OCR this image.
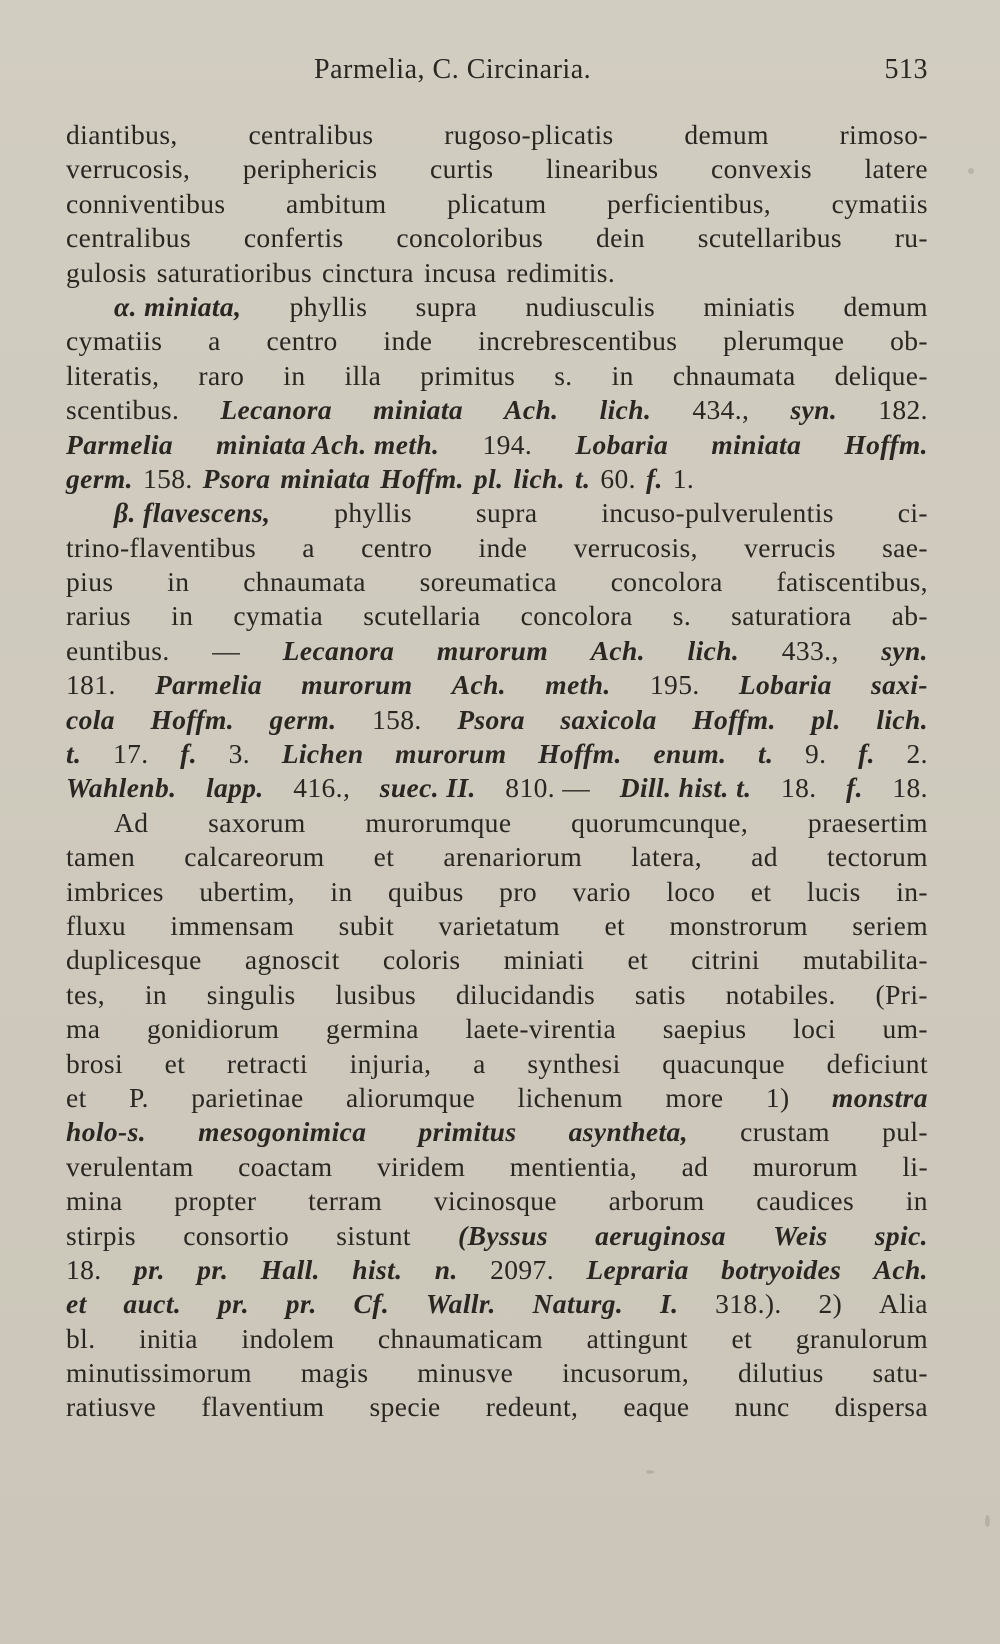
Parmelia, C. Circinaria.	513
diantibus,	centralibus	rugoso-plicatis	demum	rimoso-
verrucosis, periphericis curtis linearibus convexis latere
conniventibus ambitum plicatum perficientibus, cymatiis
centralibus confertis concoloribus dein scutellaribus ru-
gulosis saturatioribus cinctura incusa redimitis.
α. miniata, phyllis supra nudiusculis miniatis demum
cymatiis a centro inde increbrescentibus plerumque ob-
literatis, raro in illa primitus s. in chnaumata delique-
scentibus. Lecanora miniata Ach. lich. 434., syn. 182.
Parmelia miniata Ach. meth. 194. Lobaria miniata Hoffm.
germ. 158. Psora miniata Hoffm. pl. lich. t. 60. f. 1.
β. flavescens, phyllis supra incuso-pulverulentis ci-
trino-flaventibus a centro inde verrucosis, verrucis sae-
pius in chnaumata soreumatica concolora fatiscentibus,
rarius in cymatia scutellaria concolora s. saturatiora ab-
euntibus. — Lecanora murorum Ach. lich. 433., syn.
181. Parmelia murorum Ach. meth. 195. Lobaria saxi-
cola Hoffm. germ. 158. Psora saxicola Hoffm. pl. lich.
t. 17. f. 3. Lichen murorum Hoffm. enum. t. 9. f. 2.
Wahlenb. lapp. 416., suec. II. 810. — Dill. hist. t. 18. f. 18.
Ad saxorum murorumque quorumcunque, praesertim
tamen calcareorum et arenariorum latera, ad tectorum
imbrices ubertim, in quibus pro vario loco et lucis in-
fluxu immensam subit varietatum et monstrorum seriem
duplicesque agnoscit coloris miniati et citrini mutabilita-
tes, in singulis lusibus dilucidandis satis notabiles. (Pri-
ma gonidiorum germina laete-virentia saepius loci um-
brosi et retracti injuria, a synthesi quacunque deficiunt
et P. parietinae aliorumque lichenum more 1) monstra
holo-s. mesogonimica primitus asyntheta, crustam pul-
verulentam coactam viridem mentientia, ad murorum li-
mina propter terram vicinosque arborum caudices in
stirpis consortio sistunt (Byssus aeruginosa Weis spic.
18. pr. pr. Hall. hist. n. 2097. Lepraria botryoides Ach.
et auct. pr. pr. Cf. Wallr. Naturg. I. 318.). 2) Alia
bl. initia indolem chnaumaticam attingunt et granulorum
minutissimorum magis minusve incusorum, dilutius satu-
ratiusve flaventium specie redeunt, eaque nunc dispersa
